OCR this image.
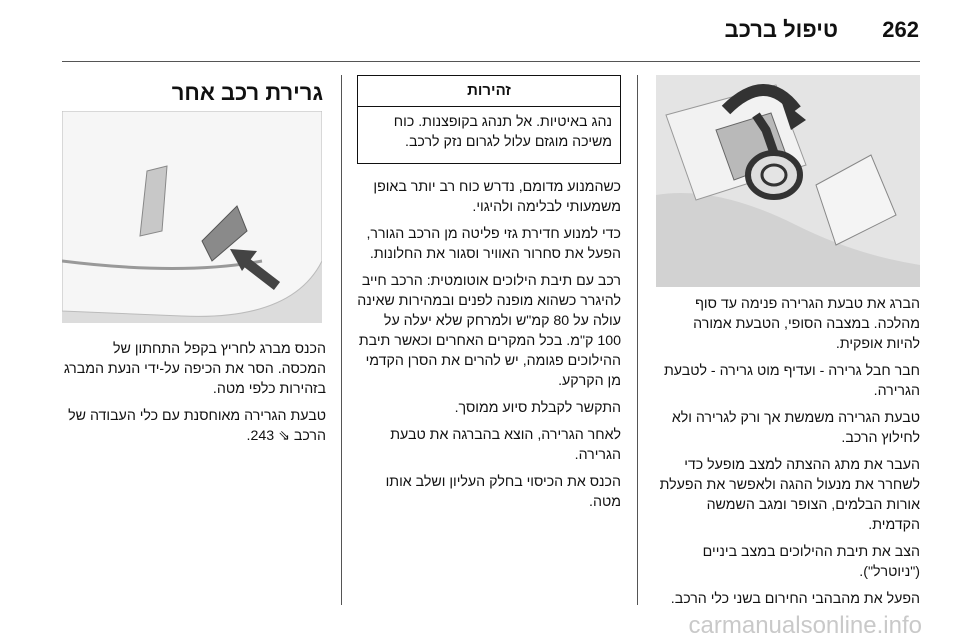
262
טיפול ברכב

הברג את טבעת הגרירה פנימה עד סוף מהלכה. במצבה הסופי, הטבעת אמורה להיות אופקית.

חבר חבל גרירה - ועדיף מוט גרירה - לטבעת הגרירה.

טבעת הגרירה משמשת אך ורק לגרירה ולא לחילוץ הרכב.

העבר את מתג ההצתה למצב מופעל כדי לשחרר את מנעול ההגה ולאפשר את הפעלת אורות הבלמים, הצופר ומגב השמשה הקדמית.

הצב את תיבת ההילוכים במצב ביניים ("ניוטרל").

הפעל את מהבהבי החירום בשני כלי הרכב.

זהירות
נהג באיטיות. אל תנהג בקופצנות. כוח משיכה מוגזם עלול לגרום נזק לרכב.

כשהמנוע מדומם, נדרש כוח רב יותר באופן משמעותי לבלימה ולהיגוי.

כדי למנוע חדירת גזי פליטה מן הרכב הגורר, הפעל את סחרור האוויר וסגור את החלונות.

רכב עם תיבת הילוכים אוטומטית: הרכב חייב להיגרר כשהוא מופנה לפנים ובמהירות שאינה עולה על 80 קמ"ש ולמרחק שלא יעלה על 100 ק"מ. בכל המקרים האחרים וכאשר תיבת ההילוכים פגומה, יש להרים את הסרן הקדמי מן הקרקע.

התקשר לקבלת סיוע ממוסך.

לאחר הגרירה, הוצא בהברגה את טבעת הגרירה.

הכנס את הכיסוי בחלק העליון ושלב אותו מטה.

גרירת רכב אחר

הכנס מברג לחריץ בקפל התחתון של המכסה. הסר את הכיפה על-ידי הנעת המברג בזהירות כלפי מטה.

טבעת הגרירה מאוחסנת עם כלי העבודה של הרכב ⇘ 243.

carmanualsonline.info
